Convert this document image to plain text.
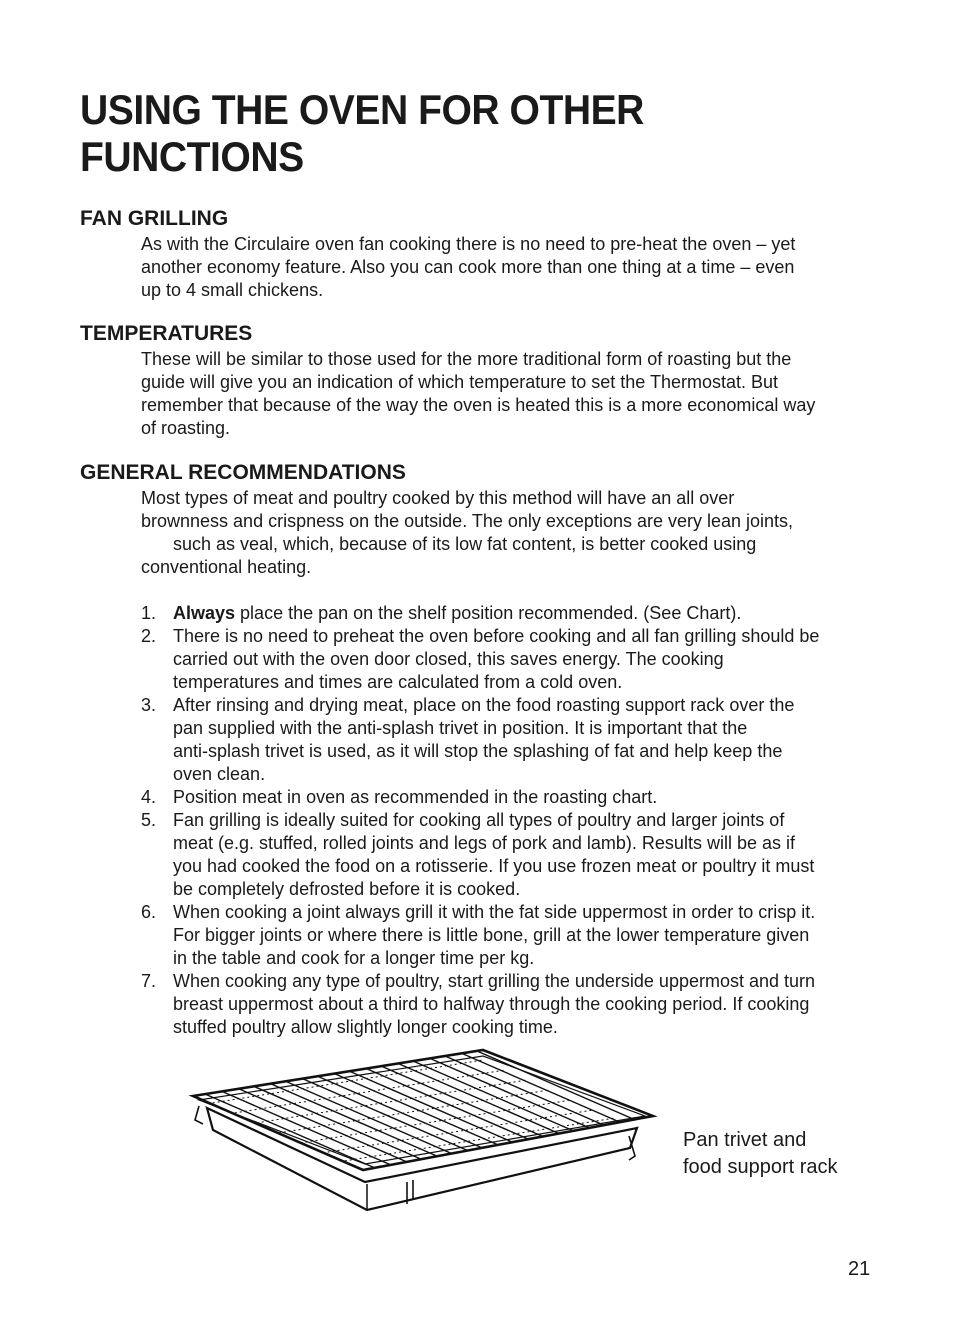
USING THE OVEN FOR OTHER
FUNCTIONS
FAN GRILLING

As with the Circulaire oven fan cooking there is no need to pre-heat the oven – yet
another economy feature. Also you can cook more than one thing at a time – even
up to 4 small chickens.

TEMPERATURES

These will be similar to those used for the more traditional form of roasting but the
guide will give you an indication of which temperature to set the Thermostat. But
remember that because of the way the oven is heated this is a more economical way
of roasting.

GENERAL RECOMMENDATIONS

Most types of meat and poultry cooked by this method will have an all over
brownness and crispness on the outside. The only exceptions are very lean joints,
such as veal, which, because of its low fat content, is better cooked using
conventional heating.

1. Always place the pan on the shelf position recommended. (See Chart).
2. There is no need to preheat the oven before cooking and all fan grilling should be
carried out with the oven door closed, this saves energy. The cooking
temperatures and times are calculated from a cold oven.
3. After rinsing and drying meat, place on the food roasting support rack over the
pan supplied with the anti-splash trivet in position. It is important that the
anti-splash trivet is used, as it will stop the splashing of fat and help keep the
oven clean.
4. Position meat in oven as recommended in the roasting chart.
5. Fan grilling is ideally suited for cooking all types of poultry and larger joints of
meat (e.g. stuffed, rolled joints and legs of pork and lamb). Results will be as if
you had cooked the food on a rotisserie. If you use frozen meat or poultry it must
be completely defrosted before it is cooked.
6. When cooking a joint always grill it with the fat side uppermost in order to crisp it.
For bigger joints or where there is little bone, grill at the lower temperature given
in the table and cook for a longer time per kg.
7. When cooking any type of poultry, start grilling the underside uppermost and turn
breast uppermost about a third to halfway through the cooking period. If cooking
stuffed poultry allow slightly longer cooking time.

Pan trivet and
food support rack

21
